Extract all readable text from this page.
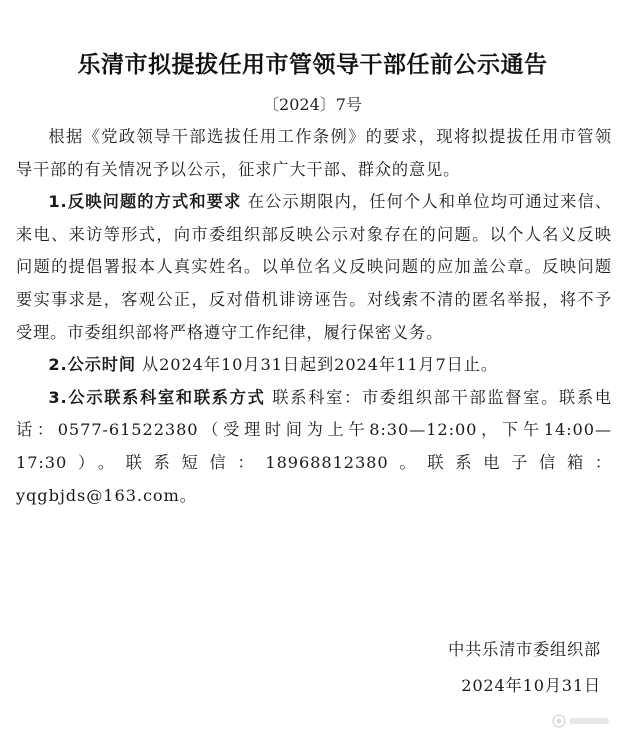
乐清市拟提拔任用市管领导干部任前公示通告
〔2024〕7号

根据《党政领导干部选拔任用工作条例》的要求，现将拟提拔任用市管领导干部的有关情况予以公示，征求广大干部、群众的意见。

1.反映问题的方式和要求 在公示期限内，任何个人和单位均可通过来信、来电、来访等形式，向市委组织部反映公示对象存在的问题。以个人名义反映问题的提倡署报本人真实姓名。以单位名义反映问题的应加盖公章。反映问题要实事求是，客观公正，反对借机诽谤诬告。对线索不清的匿名举报，将不予受理。市委组织部将严格遵守工作纪律，履行保密义务。

2.公示时间 从2024年10月31日起到2024年11月7日止。

3.公示联系科室和联系方式 联系科室：市委组织部干部监督室。联系电话：0577-61522380（受理时间为上午8:30—12:00，下午14:00—17:30）。联系短信：18968812380。联系电子信箱：yqgbjds@163.com。

中共乐清市委组织部
2024年10月31日
